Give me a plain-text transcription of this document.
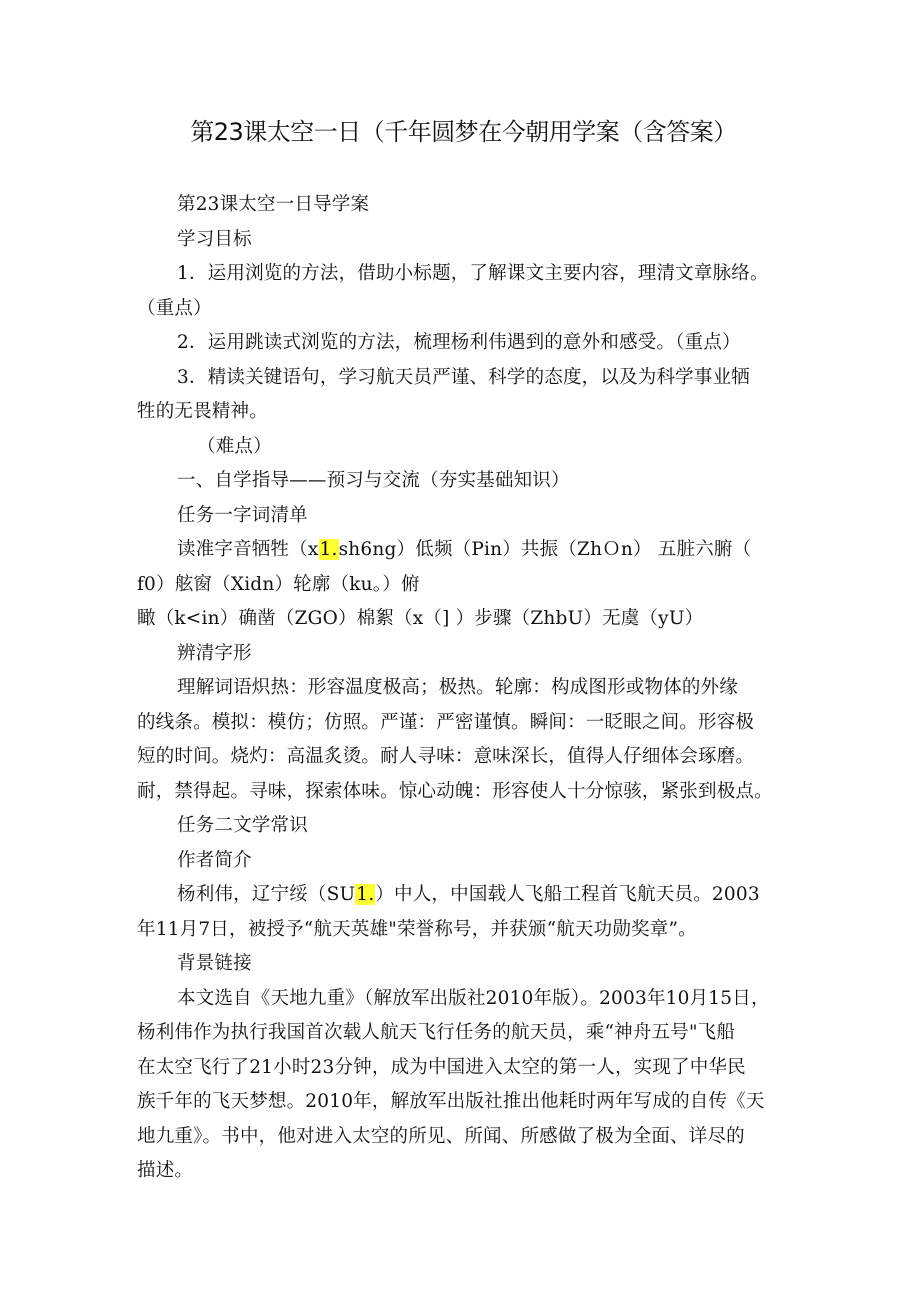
第23课太空一日（千年圆梦在今朝用学案（含答案）
第23课太空一日导学案
学习目标
1．运用浏览的方法，借助小标题，了解课文主要内容，理清文章脉络。
（重点）
2．运用跳读式浏览的方法，梳理杨利伟遇到的意外和感受。（重点）
3．精读关键语句，学习航天员严谨、科学的态度，以及为科学事业牺
牲的无畏精神。
（难点）
一、自学指导——预习与交流（夯实基础知识）
任务一字词清单
读准字音牺牲（x1.sh6ng）低频（Pin）共振（ZhＯn） 五脏六腑（
f0）舷窗（Xidn）轮廓（ku。）俯
瞰（k<in）确凿（ZGO）棉絮（x（] ）步骤（ZhbU）无虞（yU）
辨清字形
理解词语炽热：形容温度极高；极热。轮廓：构成图形或物体的外缘
的线条。模拟：模仿；仿照。严谨：严密谨慎。瞬间：一眨眼之间。形容极
短的时间。烧灼：高温炙烫。耐人寻味：意味深长，值得人仔细体会琢磨。
耐，禁得起。寻味，探索体味。惊心动魄：形容使人十分惊骇，紧张到极点。
任务二文学常识
作者简介
杨利伟，辽宁绥（SU1.）中人，中国载人飞船工程首飞航天员。2003
年11月7日，被授予“航天英雄"荣誉称号，并获颁“航天功勋奖章”。
背景链接
本文选自《天地九重》（解放军出版社2010年版）。2003年10月15日，
杨利伟作为执行我国首次载人航天飞行任务的航天员，乘“神舟五号"飞船
在太空飞行了21小时23分钟，成为中国进入太空的第一人，实现了中华民
族千年的飞天梦想。2010年，解放军出版社推出他耗时两年写成的自传《天
地九重》。书中，他对进入太空的所见、所闻、所感做了极为全面、详尽的
描述。
